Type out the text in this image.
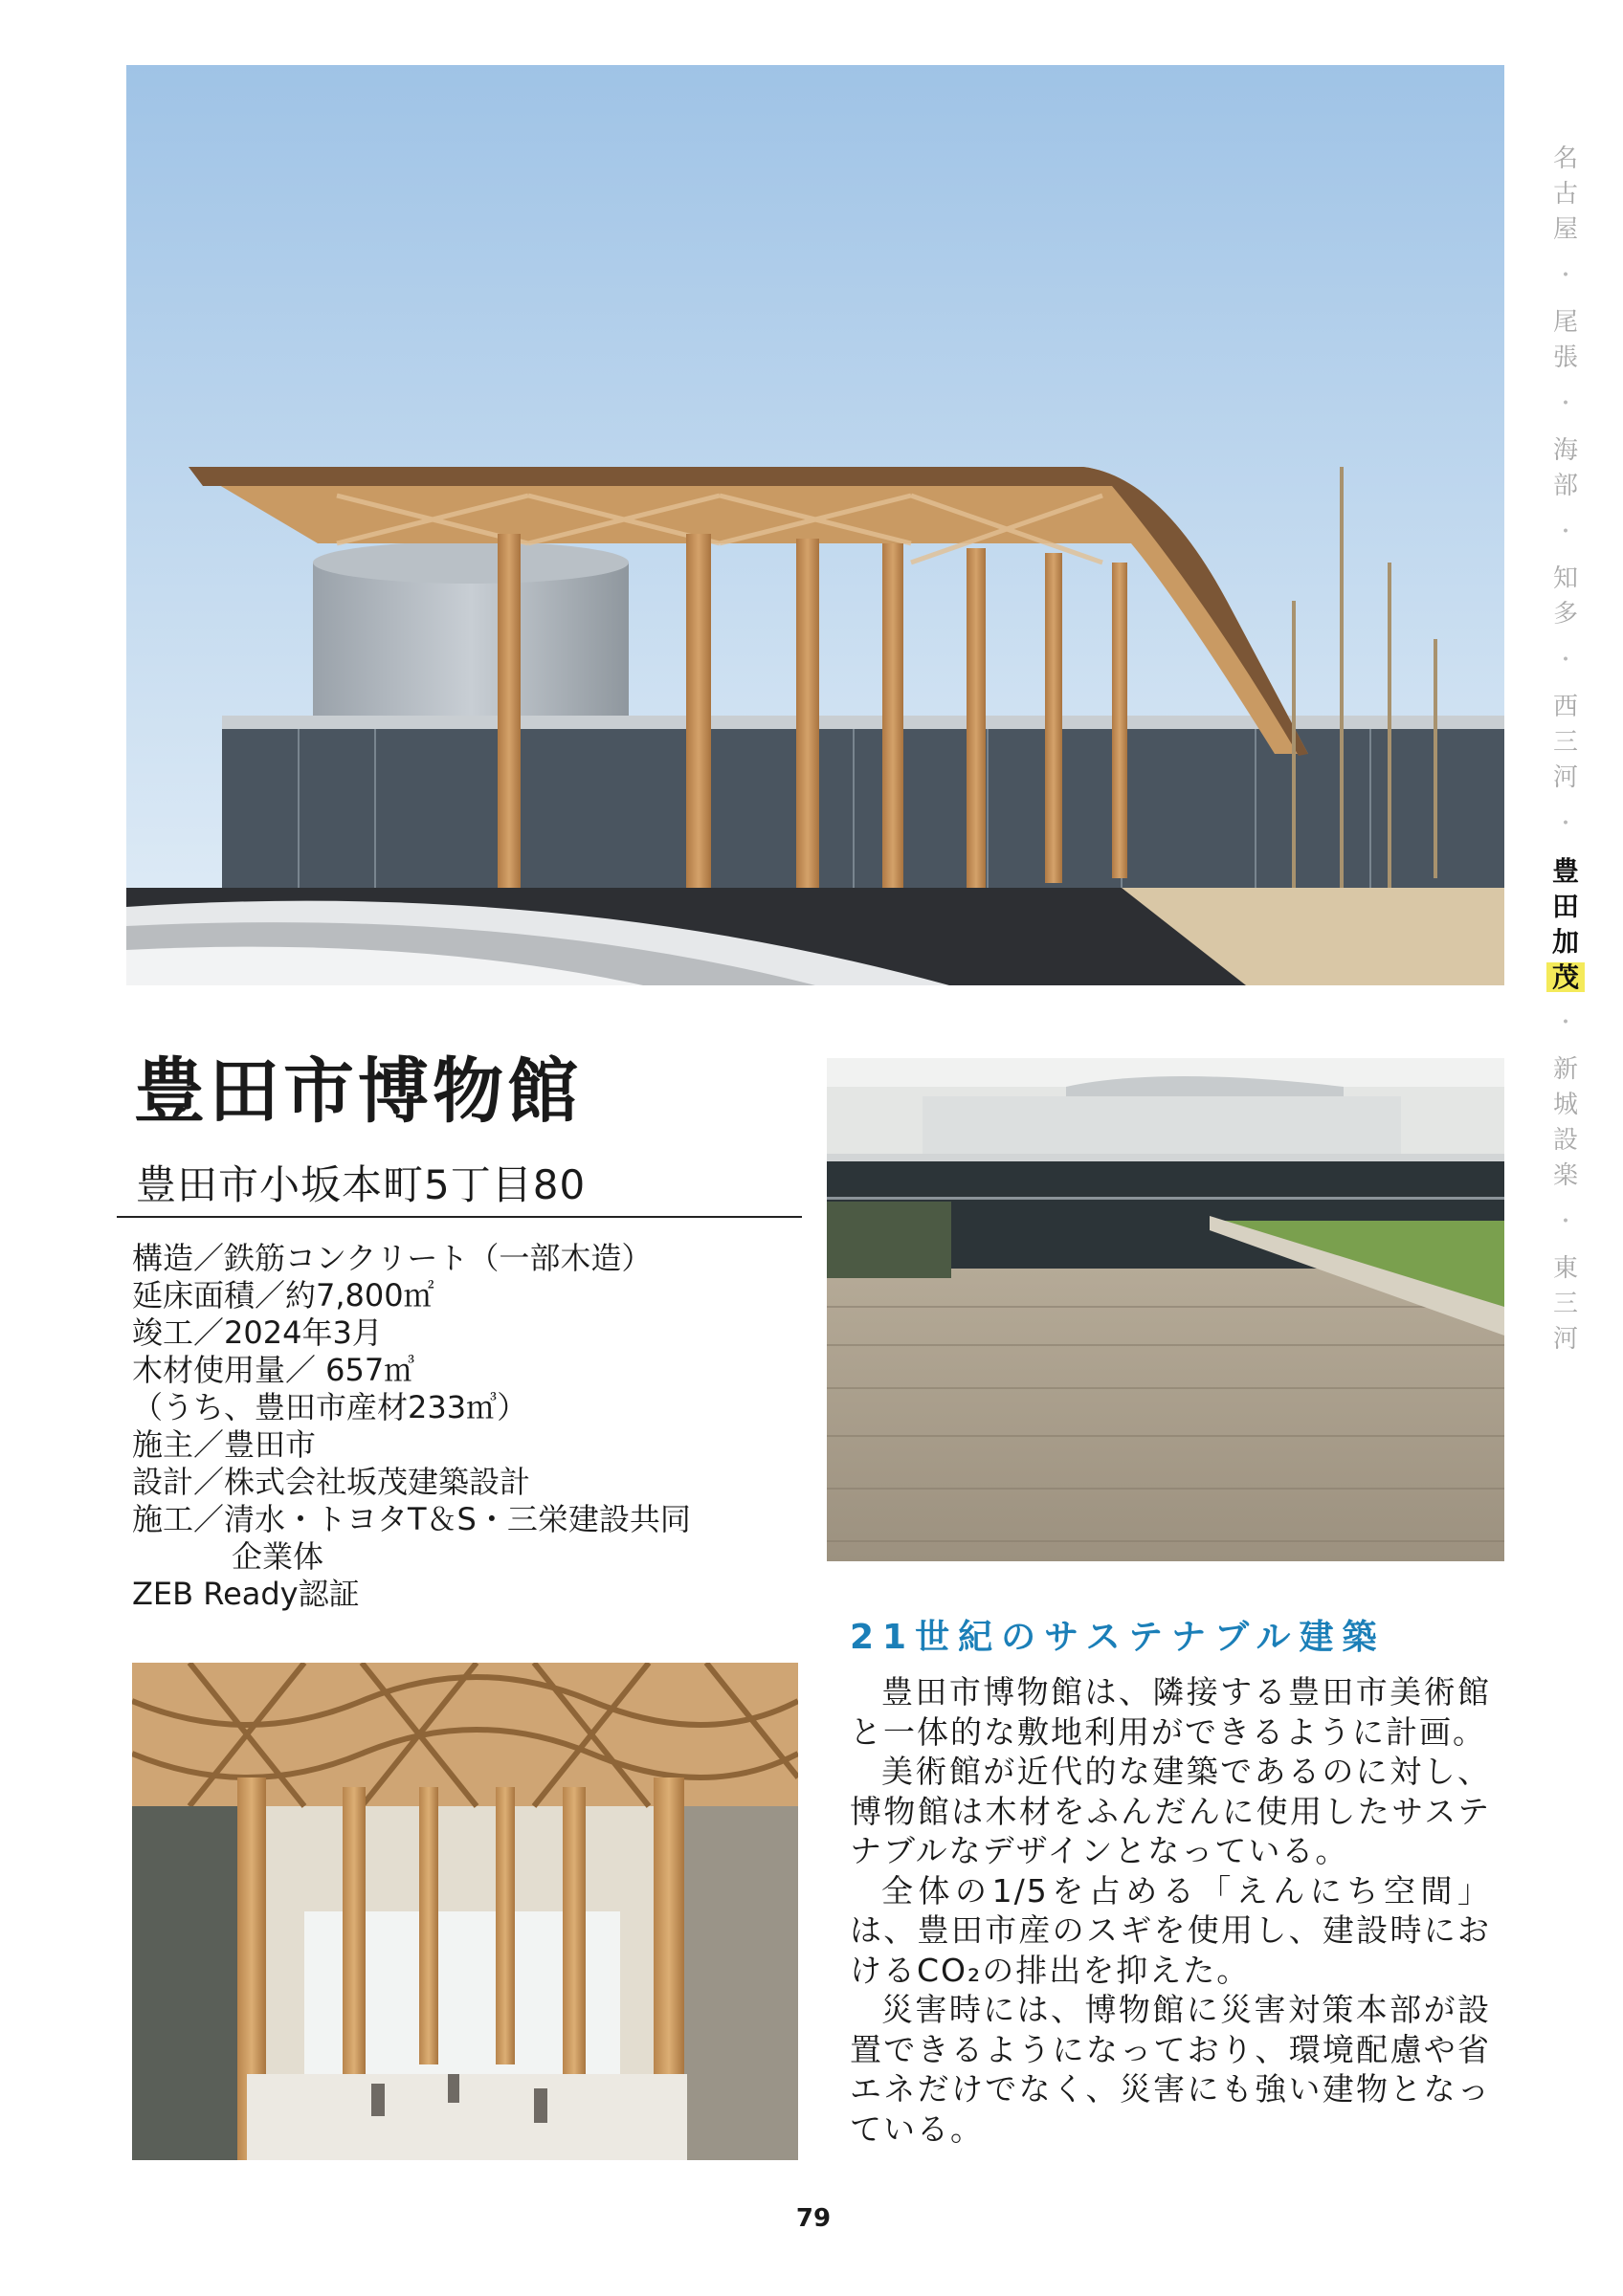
豊田市博物館
豊田市小坂本町5丁目80
構造／鉄筋コンクリート（一部木造）
延床面積／約7,800㎡
竣工／2024年3月
木材使用量／ 657㎥
（うち、豊田市産材233㎥）
施主／豊田市
設計／株式会社坂茂建築設計
施工／清水・トヨタT＆S・三栄建設共同
企業体
ZEB Ready認証
21世紀のサステナブル建築

豊田市博物館は、隣接する豊田市美術館と一体的な敷地利用ができるように計画。

美術館が近代的な建築であるのに対し、博物館は木材をふんだんに使用したサステナブルなデザインとなっている。

全体の1/5を占める「えんにち空間」は、豊田市産のスギを使用し、建設時におけるCO₂の排出を抑えた。

災害時には、博物館に災害対策本部が設置できるようになっており、環境配慮や省エネだけでなく、災害にも強い建物となっている。

名
古
屋
・
尾
張
・
海
部
・
知
多
・
西
三
河
・
豊
田
加
茂
・
新
城
設
楽
・
東
三
河
79
